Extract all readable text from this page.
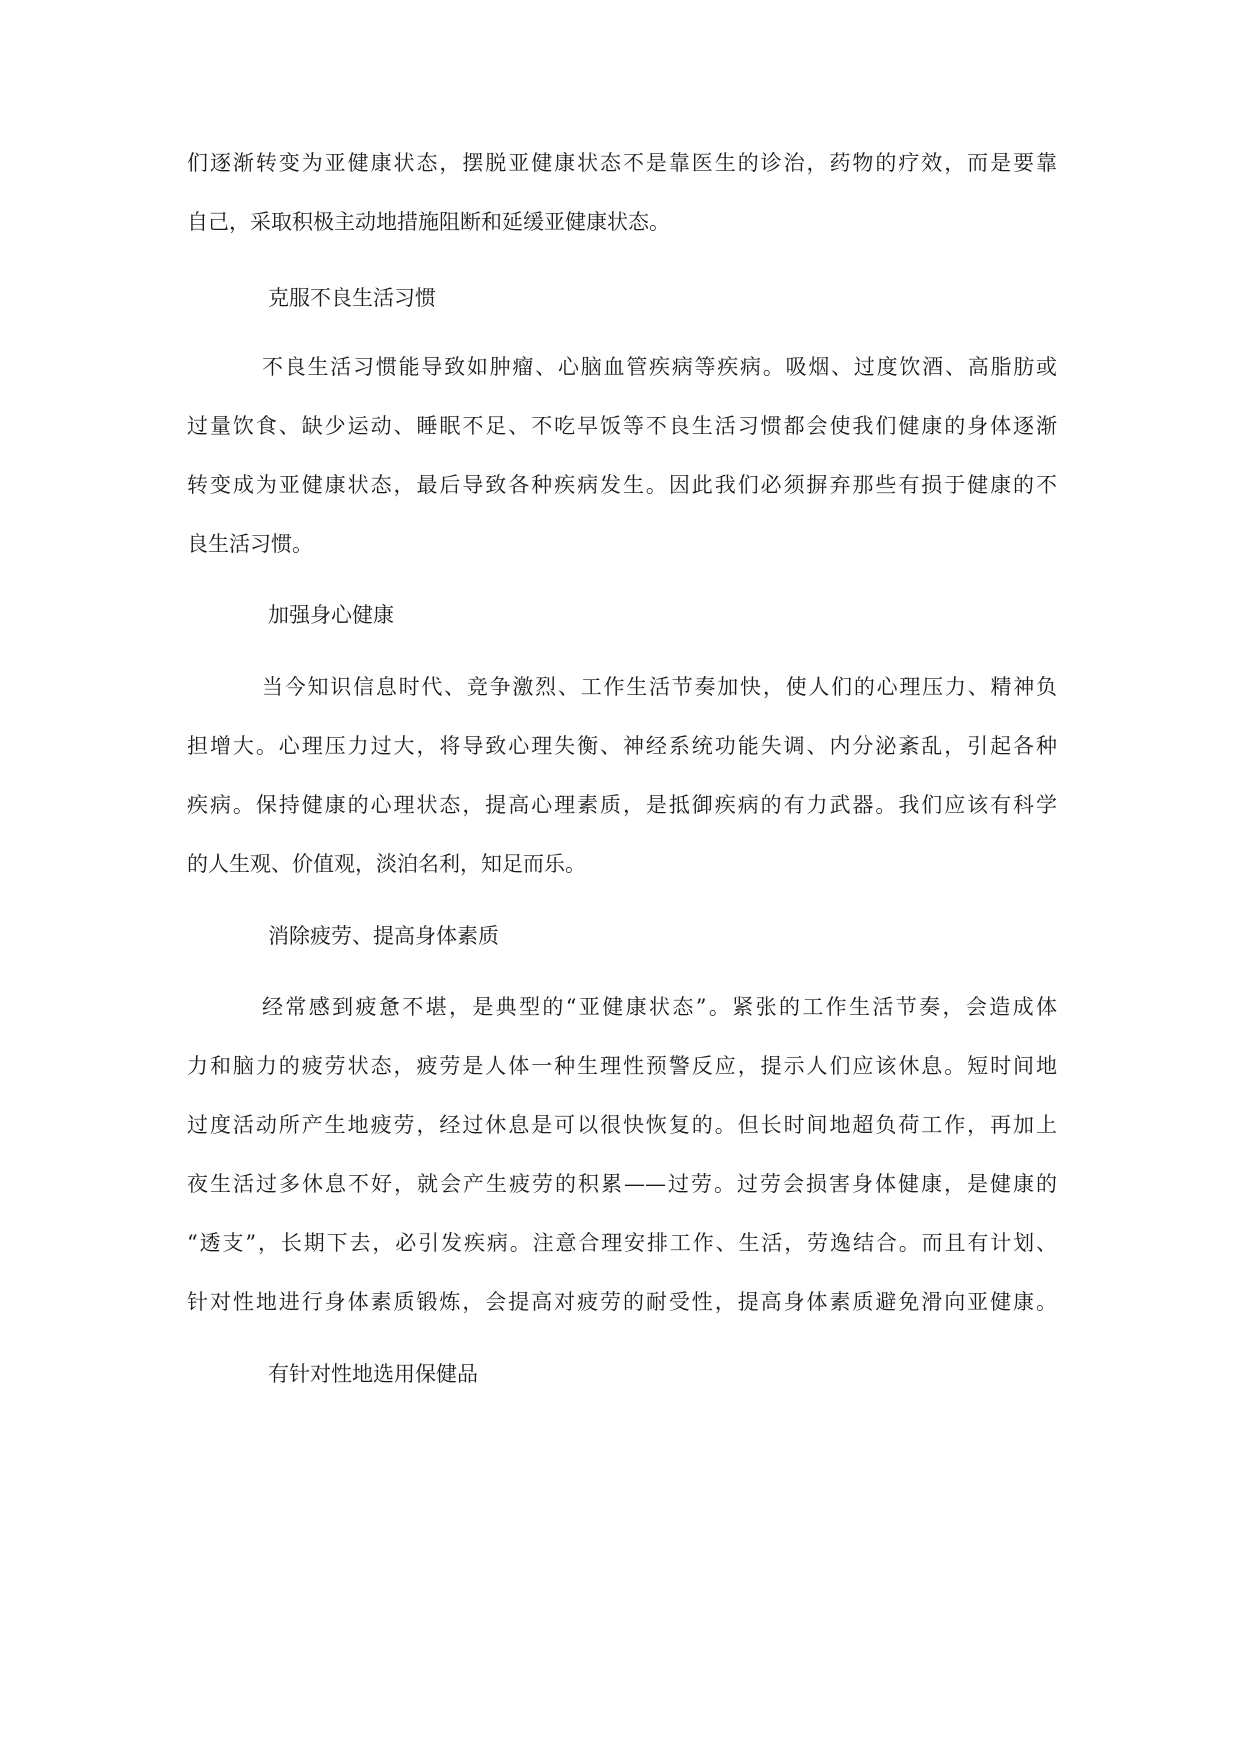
们逐渐转变为亚健康状态，摆脱亚健康状态不是靠医生的诊治，药物的疗效，而是要靠
自己，采取积极主动地措施阻断和延缓亚健康状态。
克服不良生活习惯
不良生活习惯能导致如肿瘤、心脑血管疾病等疾病。吸烟、过度饮酒、高脂肪或
过量饮食、缺少运动、睡眠不足、不吃早饭等不良生活习惯都会使我们健康的身体逐渐
转变成为亚健康状态，最后导致各种疾病发生。因此我们必须摒弃那些有损于健康的不
良生活习惯。
加强身心健康
当今知识信息时代、竞争激烈、工作生活节奏加快，使人们的心理压力、精神负
担增大。心理压力过大，将导致心理失衡、神经系统功能失调、内分泌紊乱，引起各种
疾病。保持健康的心理状态，提高心理素质，是抵御疾病的有力武器。我们应该有科学
的人生观、价值观，淡泊名利，知足而乐。
消除疲劳、提高身体素质
经常感到疲惫不堪，是典型的“亚健康状态”。紧张的工作生活节奏，会造成体
力和脑力的疲劳状态，疲劳是人体一种生理性预警反应，提示人们应该休息。短时间地
过度活动所产生地疲劳，经过休息是可以很快恢复的。但长时间地超负荷工作，再加上
夜生活过多休息不好，就会产生疲劳的积累——过劳。过劳会损害身体健康，是健康的
“透支”，长期下去，必引发疾病。注意合理安排工作、生活，劳逸结合。而且有计划、
针对性地进行身体素质锻炼，会提高对疲劳的耐受性，提高身体素质避免滑向亚健康。
有针对性地选用保健品
